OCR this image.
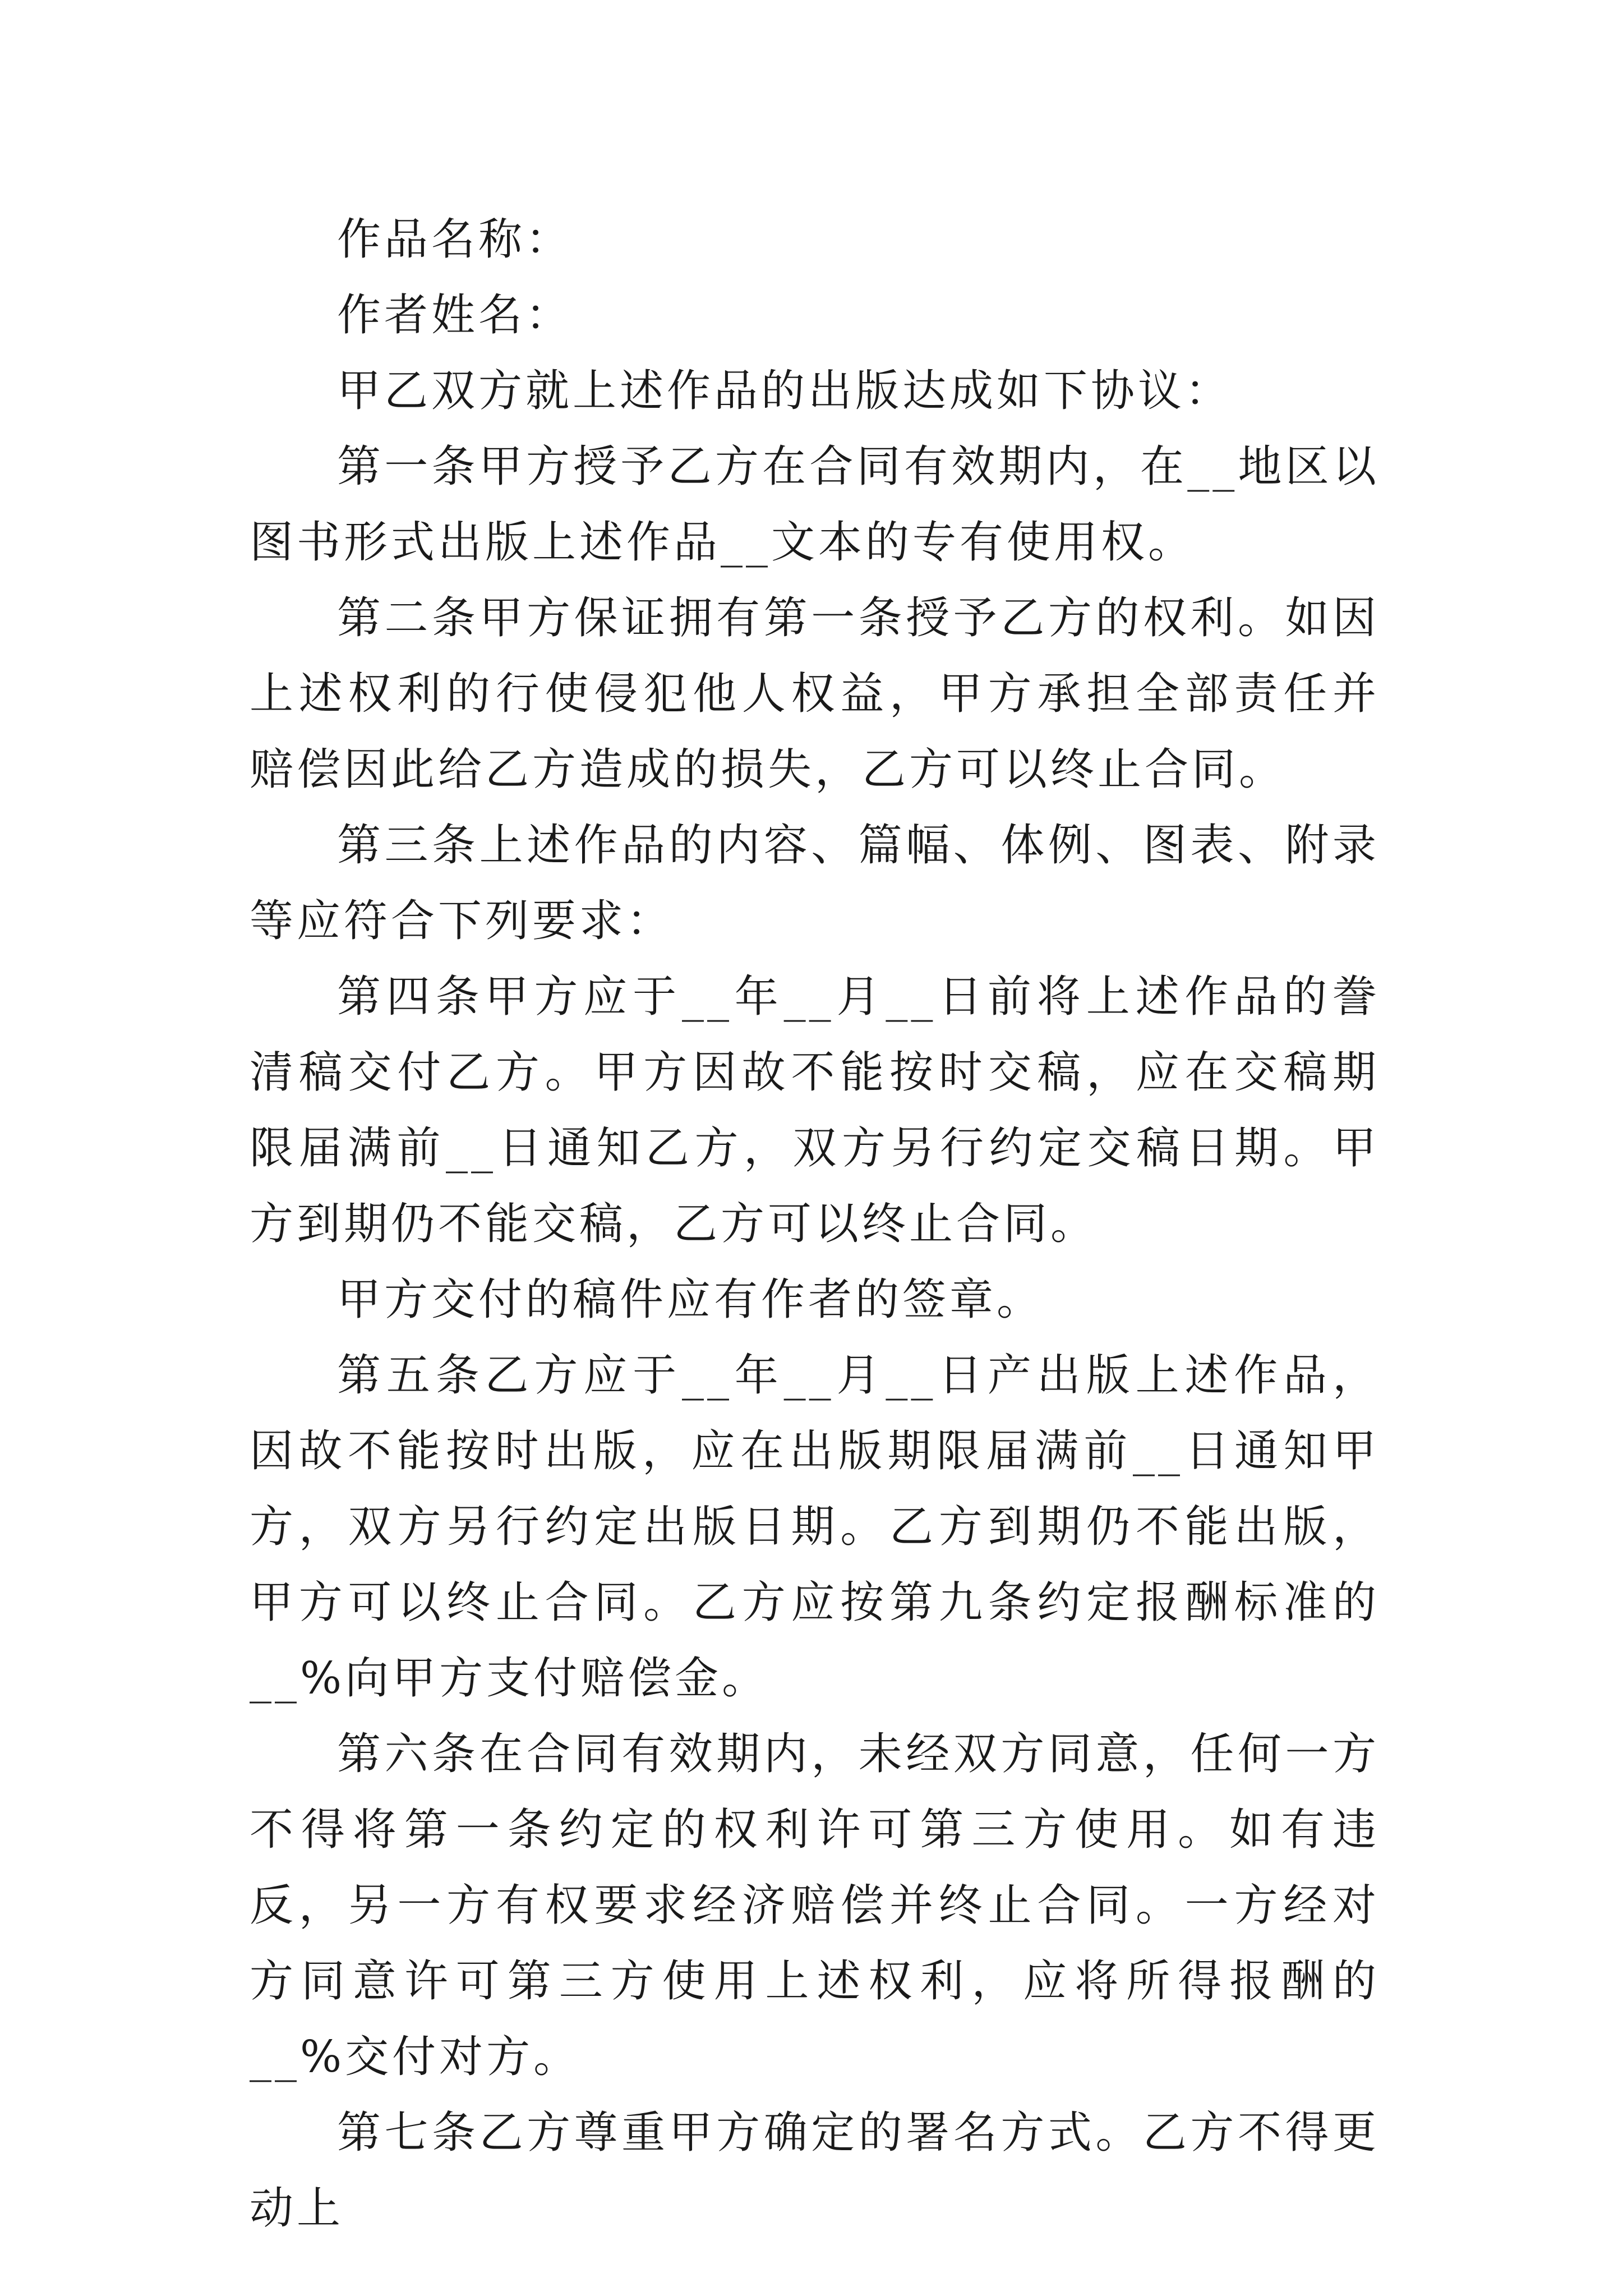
作品名称：

作者姓名：

甲乙双方就上述作品的出版达成如下协议：

第一条甲方授予乙方在合同有效期内，在__地区以图书形式出版上述作品__文本的专有使用权。

第二条甲方保证拥有第一条授予乙方的权利。如因上述权利的行使侵犯他人权益，甲方承担全部责任并赔偿因此给乙方造成的损失，乙方可以终止合同。

第三条上述作品的内容、篇幅、体例、图表、附录等应符合下列要求：

第四条甲方应于__年__月__日前将上述作品的誊清稿交付乙方。甲方因故不能按时交稿，应在交稿期限届满前__日通知乙方，双方另行约定交稿日期。甲方到期仍不能交稿，乙方可以终止合同。

甲方交付的稿件应有作者的签章。

第五条乙方应于__年__月__日产出版上述作品，因故不能按时出版，应在出版期限届满前__日通知甲方，双方另行约定出版日期。乙方到期仍不能出版，甲方可以终止合同。乙方应按第九条约定报酬标准的__%向甲方支付赔偿金。

第六条在合同有效期内，未经双方同意，任何一方不得将第一条约定的权利许可第三方使用。如有违反，另一方有权要求经济赔偿并终止合同。一方经对方同意许可第三方使用上述权利，应将所得报酬的__%交付对方。

第七条乙方尊重甲方确定的署名方式。乙方不得更动上
